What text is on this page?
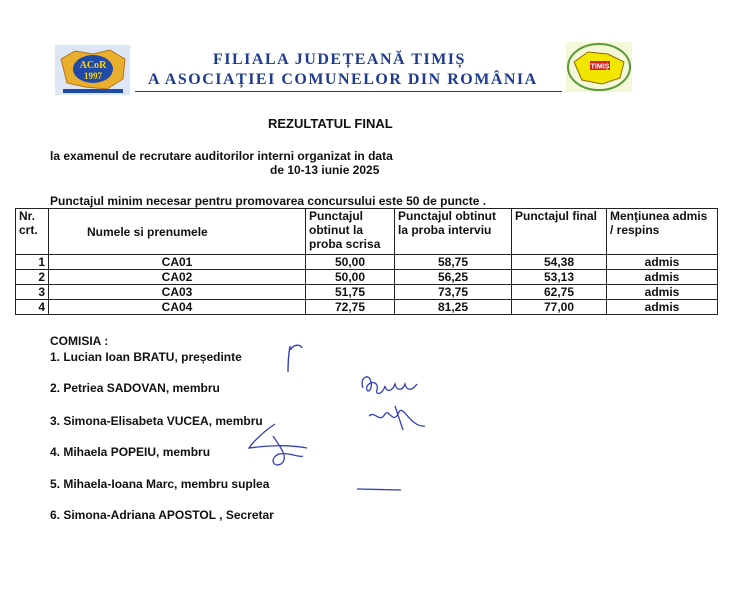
ACoR
1997
FILIALA JUDEȚEANĂ TIMIȘ
A ASOCIAȚIEI COMUNELOR DIN ROMÂNIA
TIMIȘ
REZULTATUL FINAL
la examenul de recrutare auditorilor interni organizat in data
de 10-13 iunie 2025
Punctajul minim necesar pentru promovarea concursului este 50 de puncte .
Nr. crt.	Numele si prenumele	Punctajul obtinut la proba scrisa	Punctajul obtinut la proba interviu	Punctajul final	Menţiunea admis / respins
1	CA01	50,00	58,75	54,38	admis
2	CA02	50,00	56,25	53,13	admis
3	CA03	51,75	73,75	62,75	admis
4	CA04	72,75	81,25	77,00	admis
COMISIA :
1. Lucian Ioan BRATU, președinte
2. Petriea SADOVAN, membru
3. Simona-Elisabeta VUCEA, membru
4. Mihaela POPEIU, membru
5. Mihaela-Ioana Marc, membru suplea
6. Simona-Adriana APOSTOL , Secretar
